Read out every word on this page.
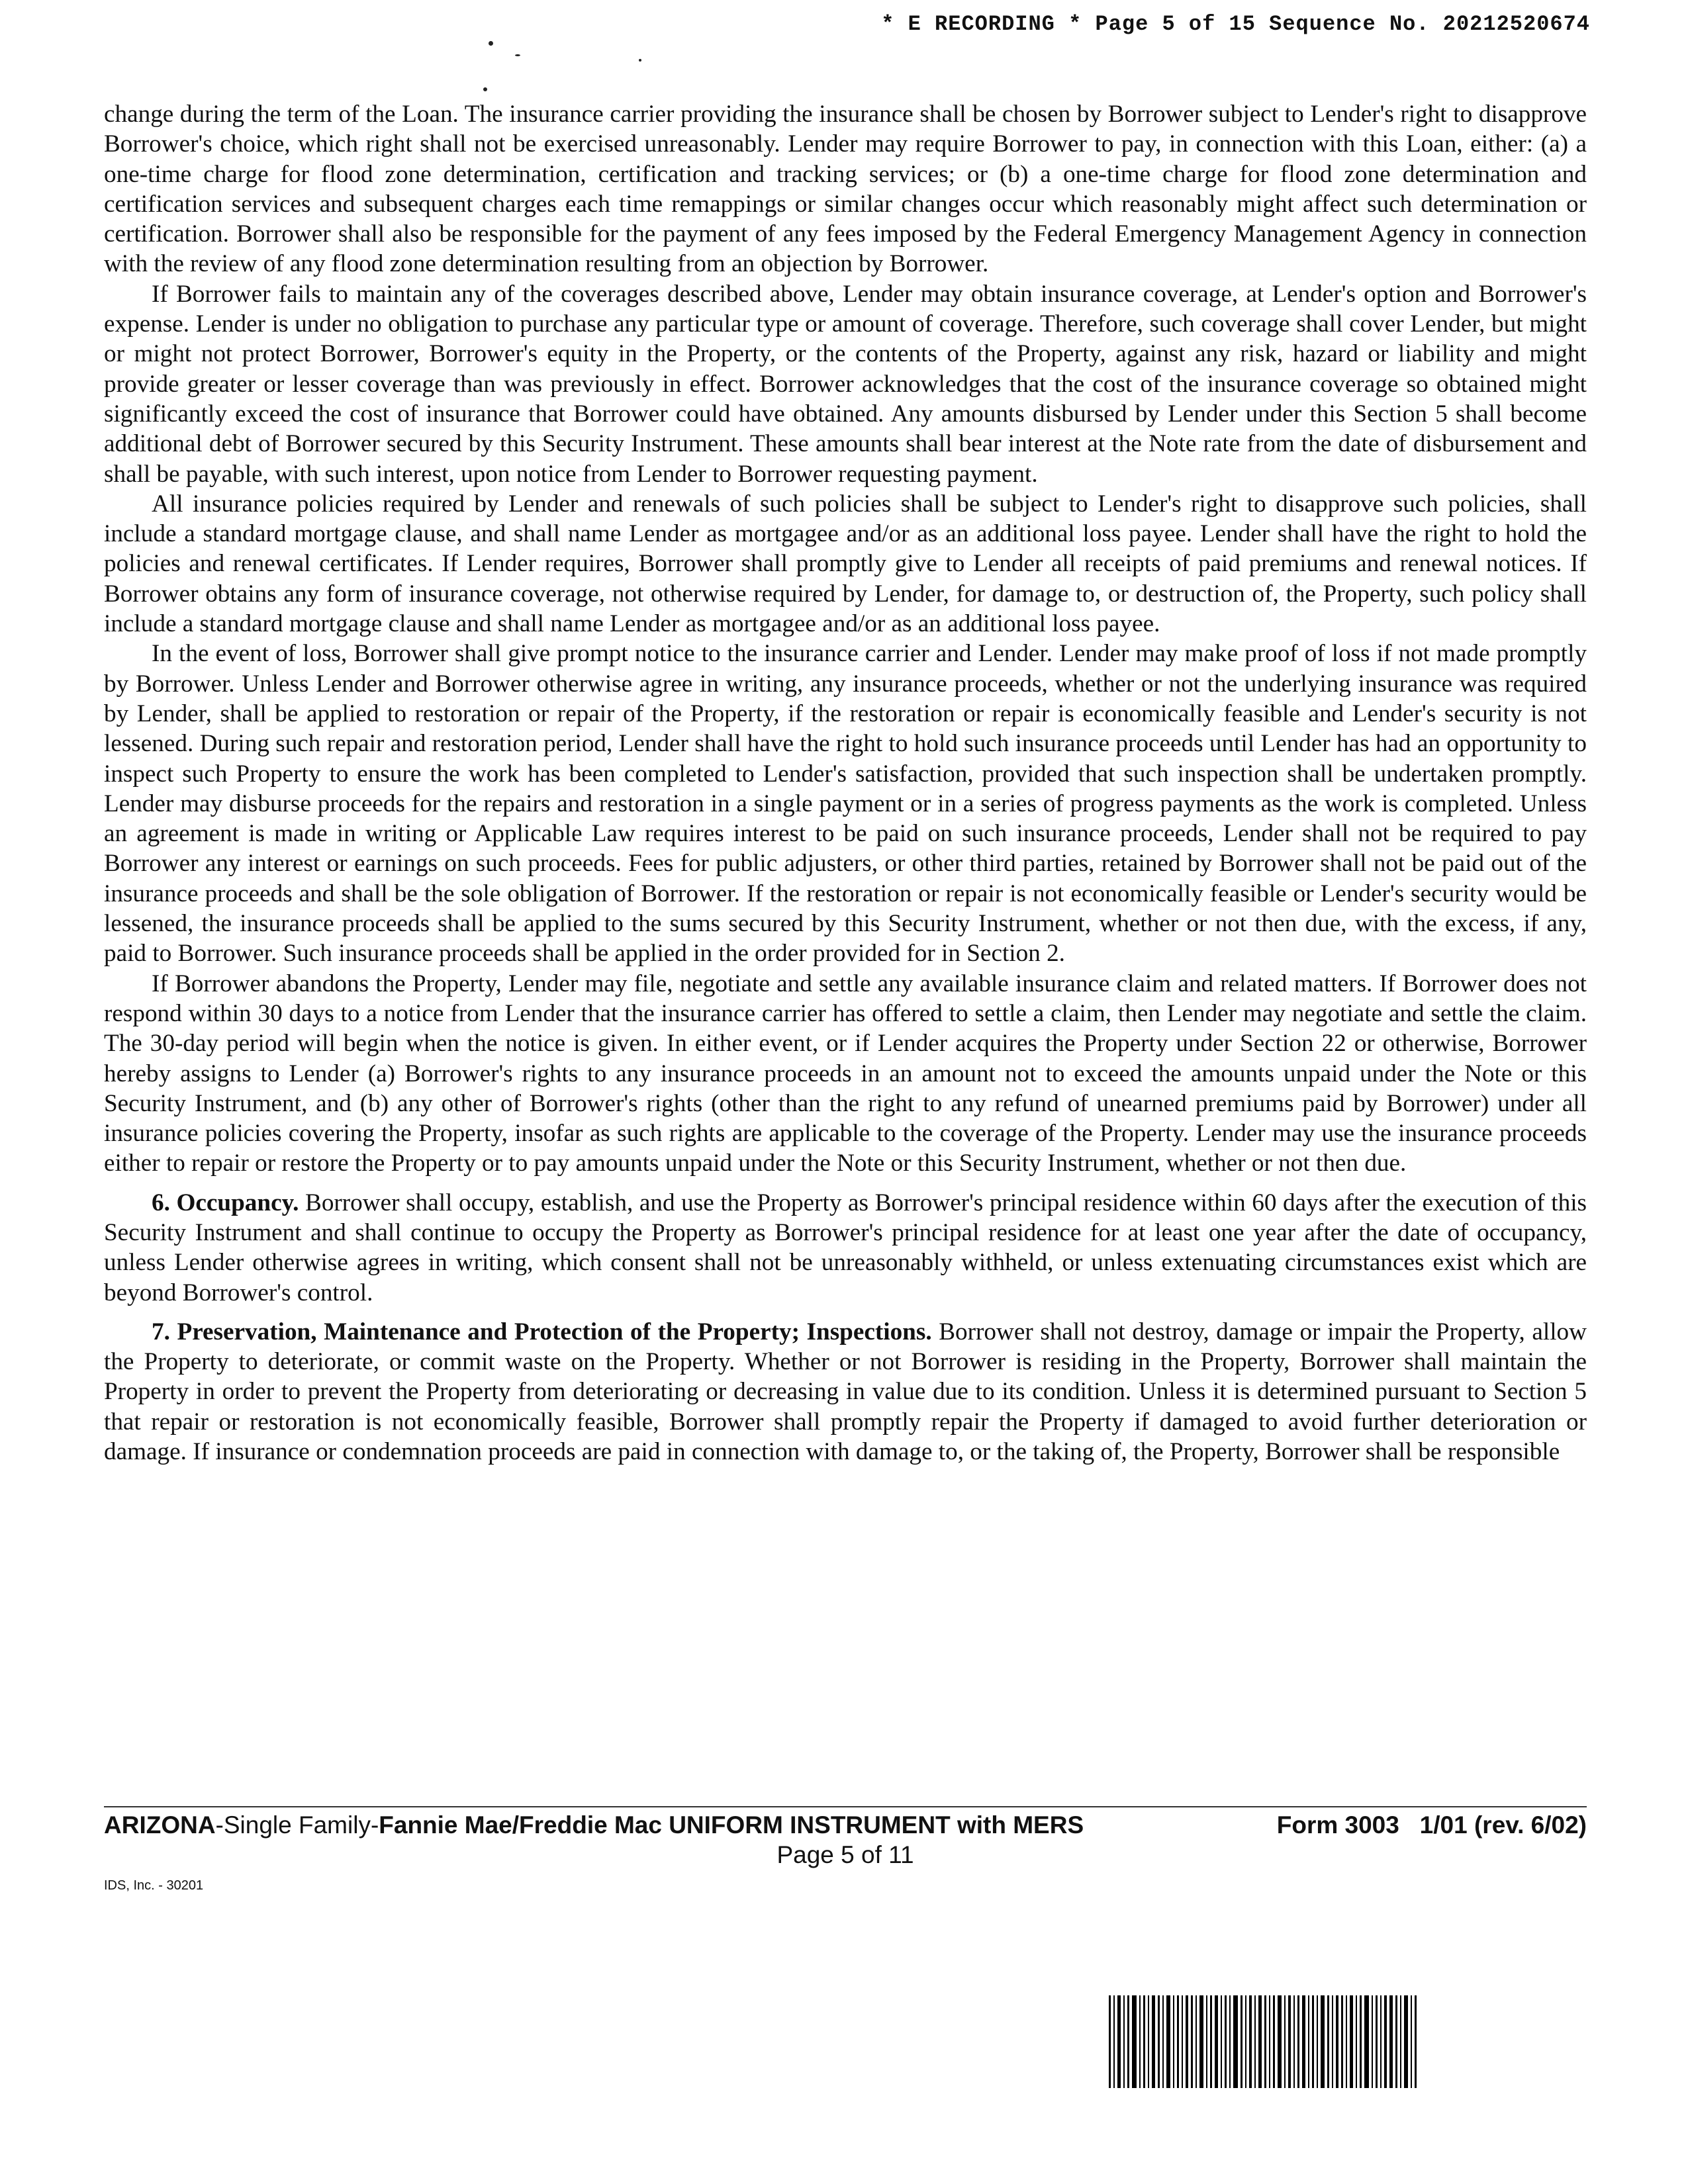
* E RECORDING * Page 5 of 15 Sequence No. 20212520674

change during the term of the Loan. The insurance carrier providing the insurance shall be chosen by Borrower subject to Lender's right to disapprove Borrower's choice, which right shall not be exercised unreasonably. Lender may require Borrower to pay, in connection with this Loan, either: (a) a one-time charge for flood zone determination, certification and tracking services; or (b) a one-time charge for flood zone determination and certification services and subsequent charges each time remappings or similar changes occur which reasonably might affect such determination or certification. Borrower shall also be responsible for the payment of any fees imposed by the Federal Emergency Management Agency in connection with the review of any flood zone determination resulting from an objection by Borrower.

If Borrower fails to maintain any of the coverages described above, Lender may obtain insurance coverage, at Lender's option and Borrower's expense. Lender is under no obligation to purchase any particular type or amount of coverage. Therefore, such coverage shall cover Lender, but might or might not protect Borrower, Borrower's equity in the Property, or the contents of the Property, against any risk, hazard or liability and might provide greater or lesser coverage than was previously in effect. Borrower acknowledges that the cost of the insurance coverage so obtained might significantly exceed the cost of insurance that Borrower could have obtained. Any amounts disbursed by Lender under this Section 5 shall become additional debt of Borrower secured by this Security Instrument. These amounts shall bear interest at the Note rate from the date of disbursement and shall be payable, with such interest, upon notice from Lender to Borrower requesting payment.

All insurance policies required by Lender and renewals of such policies shall be subject to Lender's right to disapprove such policies, shall include a standard mortgage clause, and shall name Lender as mortgagee and/or as an additional loss payee. Lender shall have the right to hold the policies and renewal certificates. If Lender requires, Borrower shall promptly give to Lender all receipts of paid premiums and renewal notices. If Borrower obtains any form of insurance coverage, not otherwise required by Lender, for damage to, or destruction of, the Property, such policy shall include a standard mortgage clause and shall name Lender as mortgagee and/or as an additional loss payee.

In the event of loss, Borrower shall give prompt notice to the insurance carrier and Lender. Lender may make proof of loss if not made promptly by Borrower. Unless Lender and Borrower otherwise agree in writing, any insurance proceeds, whether or not the underlying insurance was required by Lender, shall be applied to restoration or repair of the Property, if the restoration or repair is economically feasible and Lender's security is not lessened. During such repair and restoration period, Lender shall have the right to hold such insurance proceeds until Lender has had an opportunity to inspect such Property to ensure the work has been completed to Lender's satisfaction, provided that such inspection shall be undertaken promptly. Lender may disburse proceeds for the repairs and restoration in a single payment or in a series of progress payments as the work is completed. Unless an agreement is made in writing or Applicable Law requires interest to be paid on such insurance proceeds, Lender shall not be required to pay Borrower any interest or earnings on such proceeds. Fees for public adjusters, or other third parties, retained by Borrower shall not be paid out of the insurance proceeds and shall be the sole obligation of Borrower. If the restoration or repair is not economically feasible or Lender's security would be lessened, the insurance proceeds shall be applied to the sums secured by this Security Instrument, whether or not then due, with the excess, if any, paid to Borrower. Such insurance proceeds shall be applied in the order provided for in Section 2.

If Borrower abandons the Property, Lender may file, negotiate and settle any available insurance claim and related matters. If Borrower does not respond within 30 days to a notice from Lender that the insurance carrier has offered to settle a claim, then Lender may negotiate and settle the claim. The 30-day period will begin when the notice is given. In either event, or if Lender acquires the Property under Section 22 or otherwise, Borrower hereby assigns to Lender (a) Borrower's rights to any insurance proceeds in an amount not to exceed the amounts unpaid under the Note or this Security Instrument, and (b) any other of Borrower's rights (other than the right to any refund of unearned premiums paid by Borrower) under all insurance policies covering the Property, insofar as such rights are applicable to the coverage of the Property. Lender may use the insurance proceeds either to repair or restore the Property or to pay amounts unpaid under the Note or this Security Instrument, whether or not then due.

6. Occupancy. Borrower shall occupy, establish, and use the Property as Borrower's principal residence within 60 days after the execution of this Security Instrument and shall continue to occupy the Property as Borrower's principal residence for at least one year after the date of occupancy, unless Lender otherwise agrees in writing, which consent shall not be unreasonably withheld, or unless extenuating circumstances exist which are beyond Borrower's control.

7. Preservation, Maintenance and Protection of the Property; Inspections. Borrower shall not destroy, damage or impair the Property, allow the Property to deteriorate, or commit waste on the Property. Whether or not Borrower is residing in the Property, Borrower shall maintain the Property in order to prevent the Property from deteriorating or decreasing in value due to its condition. Unless it is determined pursuant to Section 5 that repair or restoration is not economically feasible, Borrower shall promptly repair the Property if damaged to avoid further deterioration or damage. If insurance or condemnation proceeds are paid in connection with damage to, or the taking of, the Property, Borrower shall be responsible

ARIZONA-Single Family-Fannie Mae/Freddie Mac UNIFORM INSTRUMENT with MERS	Form 3003   1/01 (rev. 6/02)
Page 5 of 11
IDS, Inc. - 30201
